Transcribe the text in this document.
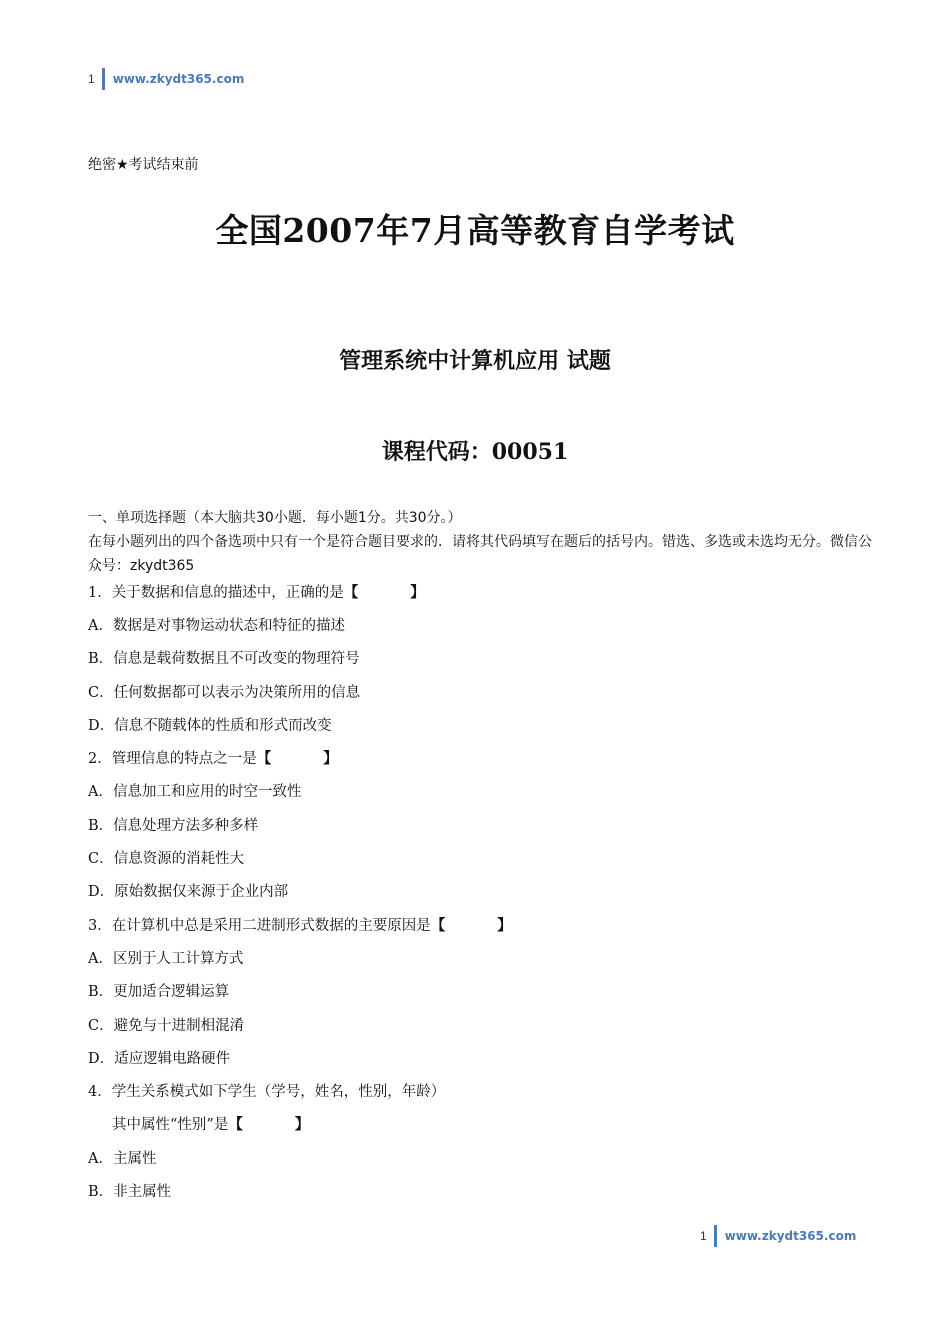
1 www.zkydt365.com
绝密★考试结束前
全国2007年7月高等教育自学考试
管理系统中计算机应用 试题
课程代码：00051
一、单项选择题（本大脑共30小题．每小题1分。共30分。）
在每小题列出的四个备选项中只有一个是符合题目要求的．请将其代码填写在题后的括号内。错选、多选或未选均无分。微信公众号：zkydt365
1．关于数据和信息的描述中，正确的是【	】
A．数据是对事物运动状态和特征的描述
B．信息是载荷数据且不可改变的物理符号
C．任何数据都可以表示为决策所用的信息
D．信息不随载体的性质和形式而改变
2．管理信息的特点之一是【	】
A．信息加工和应用的时空一致性
B．信息处理方法多种多样
C．信息资源的消耗性大
D．原始数据仅来源于企业内部
3．在计算机中总是采用二进制形式数据的主要原因是【	】
A．区别于人工计算方式
B．更加适合逻辑运算
C．避免与十进制相混淆
D．适应逻辑电路硬件
4．学生关系模式如下学生（学号，姓名，性别，年龄）
其中属性“性别”是【	】
A．主属性
B．非主属性
1 www.zkydt365.com
